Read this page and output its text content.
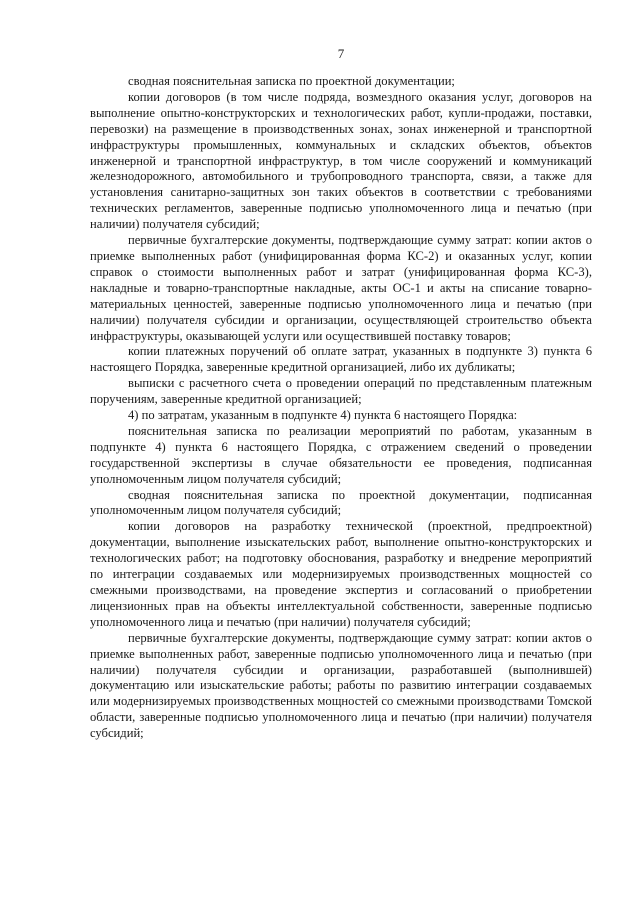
7

сводная пояснительная записка по проектной документации;

копии договоров (в том числе подряда, возмездного оказания услуг, договоров на выполнение опытно-конструкторских и технологических работ, купли-продажи, поставки, перевозки) на размещение в производственных зонах, зонах инженерной и транспортной инфраструктуры промышленных, коммунальных и складских объектов, объектов инженерной и транспортной инфраструктур, в том числе сооружений и коммуникаций железнодорожного, автомобильного и трубопроводного транспорта, связи, а также для установления санитарно-защитных зон таких объектов в соответствии с требованиями технических регламентов, заверенные подписью уполномоченного лица и печатью (при наличии) получателя субсидий;

первичные бухгалтерские документы, подтверждающие сумму затрат: копии актов о приемке выполненных работ (унифицированная форма КС-2) и оказанных услуг, копии справок о стоимости выполненных работ и затрат (унифицированная форма КС-3), накладные и товарно-транспортные накладные, акты ОС-1 и акты на списание товарно-материальных ценностей, заверенные подписью уполномоченного лица и печатью (при наличии) получателя субсидии и организации, осуществляющей строительство объекта инфраструктуры, оказывающей услуги или осуществившей поставку товаров;

копии платежных поручений об оплате затрат, указанных в подпункте 3) пункта 6 настоящего Порядка, заверенные кредитной организацией, либо их дубликаты;

выписки с расчетного счета о проведении операций по представленным платежным поручениям, заверенные кредитной организацией;

4) по затратам, указанным в подпункте 4) пункта 6 настоящего Порядка:

пояснительная записка по реализации мероприятий по работам, указанным в подпункте 4) пункта 6 настоящего Порядка, с отражением сведений о проведении государственной экспертизы в случае обязательности ее проведения, подписанная уполномоченным лицом получателя субсидий;

сводная пояснительная записка по проектной документации, подписанная уполномоченным лицом получателя субсидий;

копии договоров на разработку технической (проектной, предпроектной) документации, выполнение изыскательских работ, выполнение опытно-конструкторских и технологических работ; на подготовку обоснования, разработку и внедрение мероприятий по интеграции создаваемых или модернизируемых производственных мощностей со смежными производствами, на проведение экспертиз и согласований о приобретении лицензионных прав на объекты интеллектуальной собственности, заверенные подписью уполномоченного лица и печатью (при наличии) получателя субсидий;

первичные бухгалтерские документы, подтверждающие сумму затрат: копии актов о приемке выполненных работ, заверенные подписью уполномоченного лица и печатью (при наличии) получателя субсидии и организации, разработавшей (выполнившей) документацию или изыскательские работы; работы по развитию интеграции создаваемых или модернизируемых производственных мощностей со смежными производствами Томской области, заверенные подписью уполномоченного лица и печатью (при наличии) получателя субсидий;
